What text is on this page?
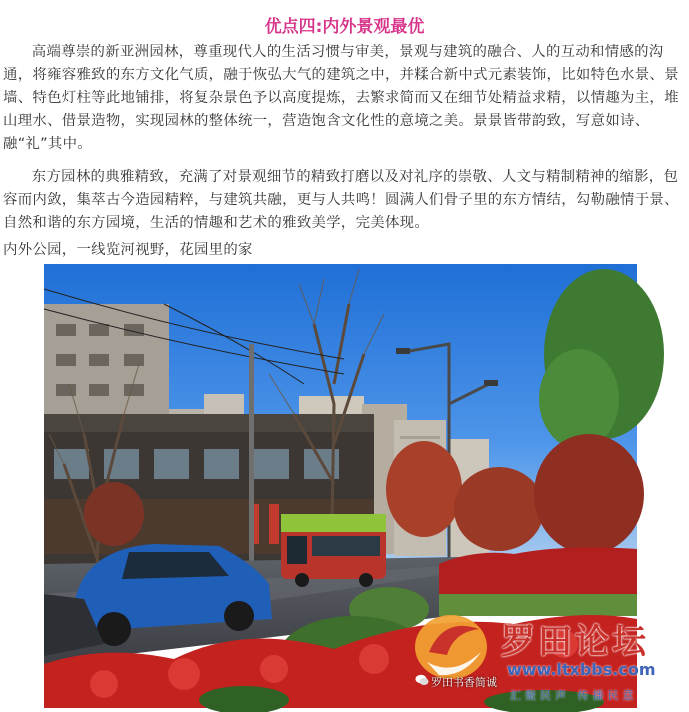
优点四:内外景观最优

高端尊崇的新亚洲园林，尊重现代人的生活习惯与审美，景观与建筑的融合、人的互动和情感的沟通，将雍容雅致的东方文化气质，融于恢弘大气的建筑之中，并糅合新中式元素装饰，比如特色水景、景墙、特色灯柱等此地铺排，将复杂景色予以高度提炼，去繁求简而又在细节处精益求精，以情趣为主，堆山理水、借景造物，实现园林的整体统一，营造饱含文化性的意境之美。景景皆带韵致，写意如诗、融“礼”其中。

东方园林的典雅精致，充满了对景观细节的精致打磨以及对礼序的崇敬、人文与精制精神的缩影，包容而内敛，集萃古今造园精粹，与建筑共融，更与人共鸣！圆满人们骨子里的东方情结，勾勒融情于景、自然和谐的东方园境，生活的情趣和艺术的雅致美学，完美体现。

内外公园，一线览河视野，花园里的家

罗田论坛
www.ltxbbs.com
罗田书香简诚
汇聚民声 传播民意
